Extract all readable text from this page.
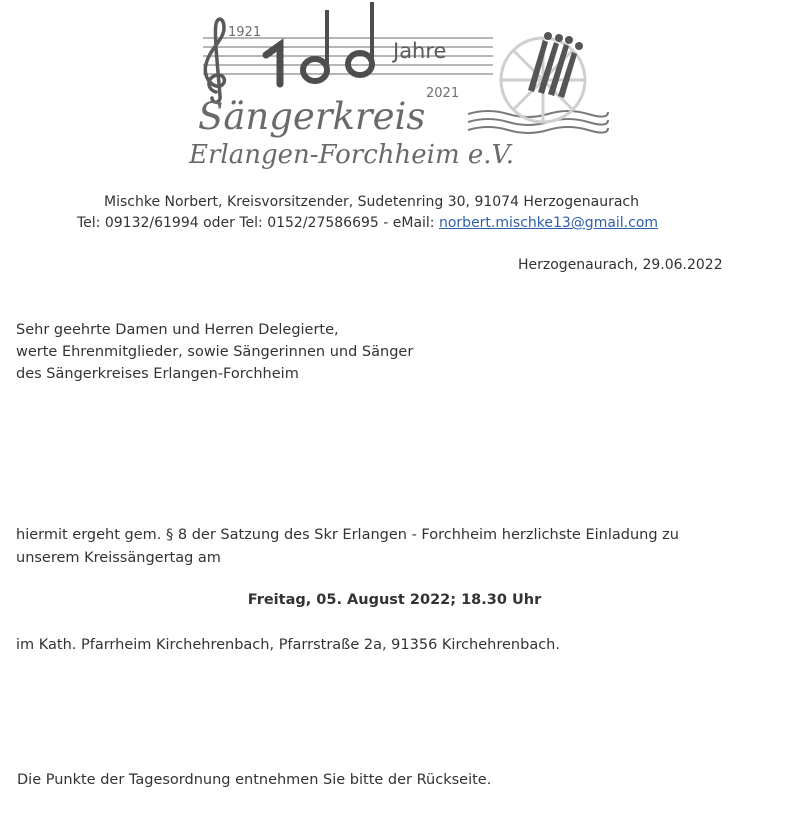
1921
Jahre
2021
Sängerkreis
Erlangen-Forchheim e.V.
Mischke Norbert, Kreisvorsitzender, Sudetenring 30, 91074 Herzogenaurach
Tel: 09132/61994 oder Tel: 0152/27586695 - eMail: norbert.mischke13@gmail.com
Herzogenaurach, 29.06.2022
Sehr geehrte Damen und Herren Delegierte,
werte Ehrenmitglieder, sowie Sängerinnen und Sänger
des Sängerkreises Erlangen-Forchheim
hiermit ergeht gem. § 8 der Satzung des Skr Erlangen - Forchheim herzlichste Einladung zu
unserem Kreissängertag am
Freitag, 05. August 2022; 18.30 Uhr
im Kath. Pfarrheim Kirchehrenbach, Pfarrstraße 2a, 91356 Kirchehrenbach.
Die Punkte der Tagesordnung entnehmen Sie bitte der Rückseite.
